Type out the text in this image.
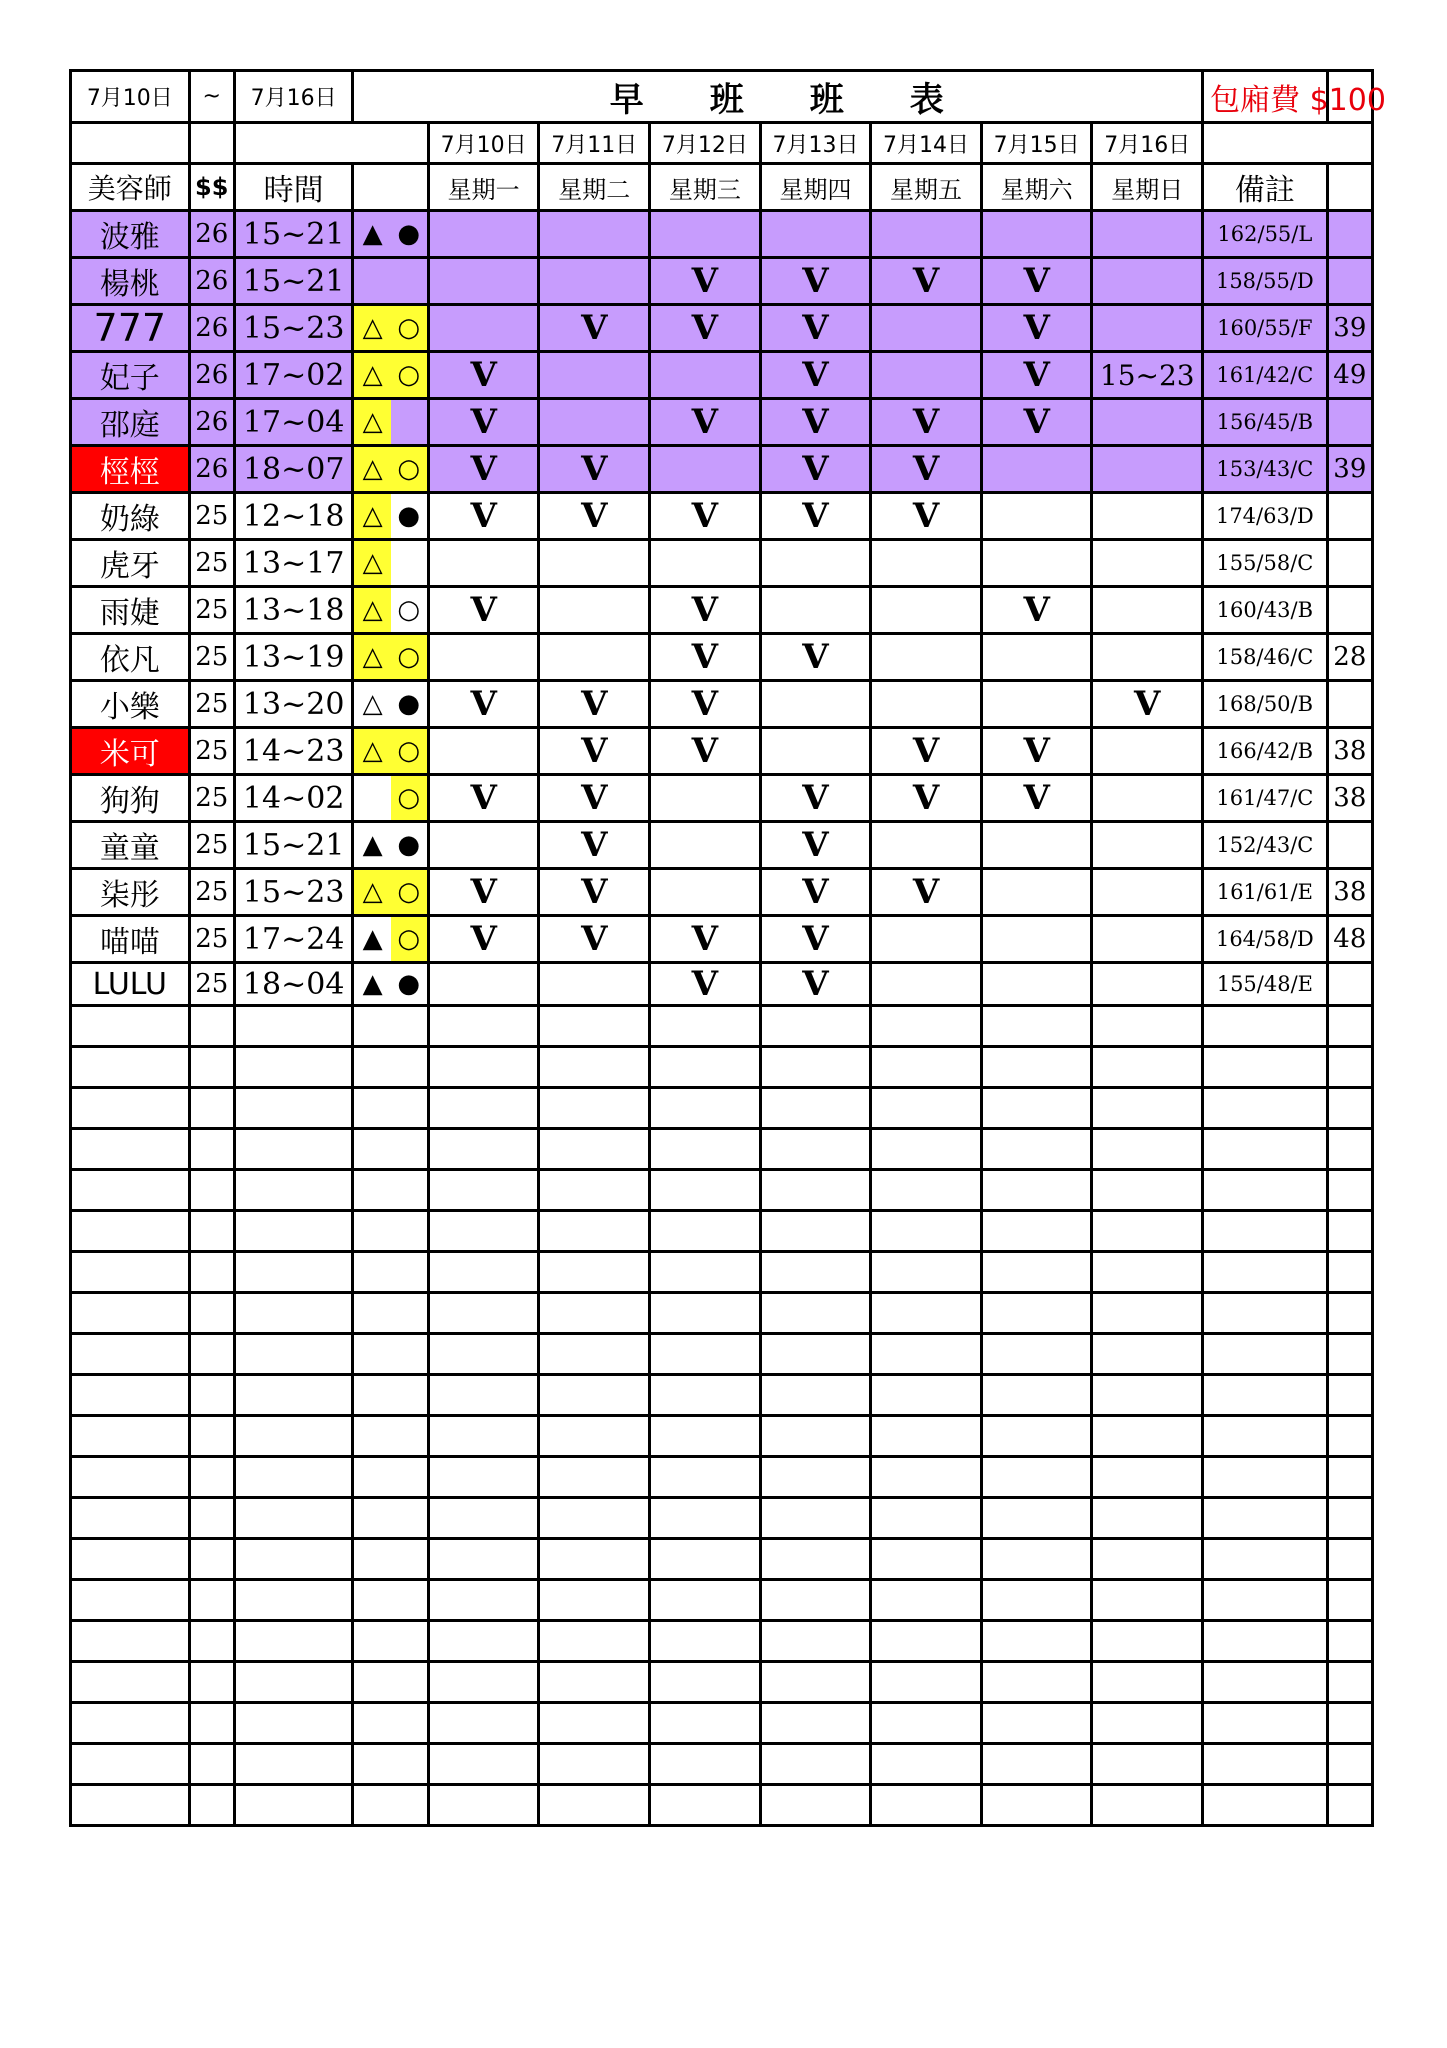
7月10日	~	7月16日	早 班 班 表								包廂費 $100	
				7月10日	7月11日	7月12日	7月13日	7月14日	7月15日	7月16日		
美容師	$$	時間		星期一	星期二	星期三	星期四	星期五	星期六	星期日	備註	
波雅	26	15~21	▲ ●								162/55/L	
楊桃	26	15~21				V	V	V	V		158/55/D	
777	26	15~23	△ ○		V	V	V		V		160/55/F	39
妃子	26	17~02	△ ○	V			V		V	15~23	161/42/C	49
邵庭	26	17~04	△	V		V	V	V	V		156/45/B	
桱桱	26	18~07	△ ○	V	V		V	V			153/43/C	39
奶綠	25	12~18	△ ●	V	V	V	V	V			174/63/D	
虎牙	25	13~17	△								155/58/C	
雨婕	25	13~18	△ ○	V		V			V		160/43/B	
依凡	25	13~19	△ ○			V	V				158/46/C	28
小樂	25	13~20	△ ●	V	V	V				V	168/50/B	
米可	25	14~23	△ ○		V	V		V	V		166/42/B	38
狗狗	25	14~02	○	V	V		V	V	V		161/47/C	38
童童	25	15~21	▲ ●		V		V				152/43/C	
柒彤	25	15~23	△ ○	V	V		V	V			161/61/E	38
喵喵	25	17~24	▲ ○	V	V	V	V				164/58/D	48
LULU	25	18~04	▲ ●			V	V				155/48/E	
